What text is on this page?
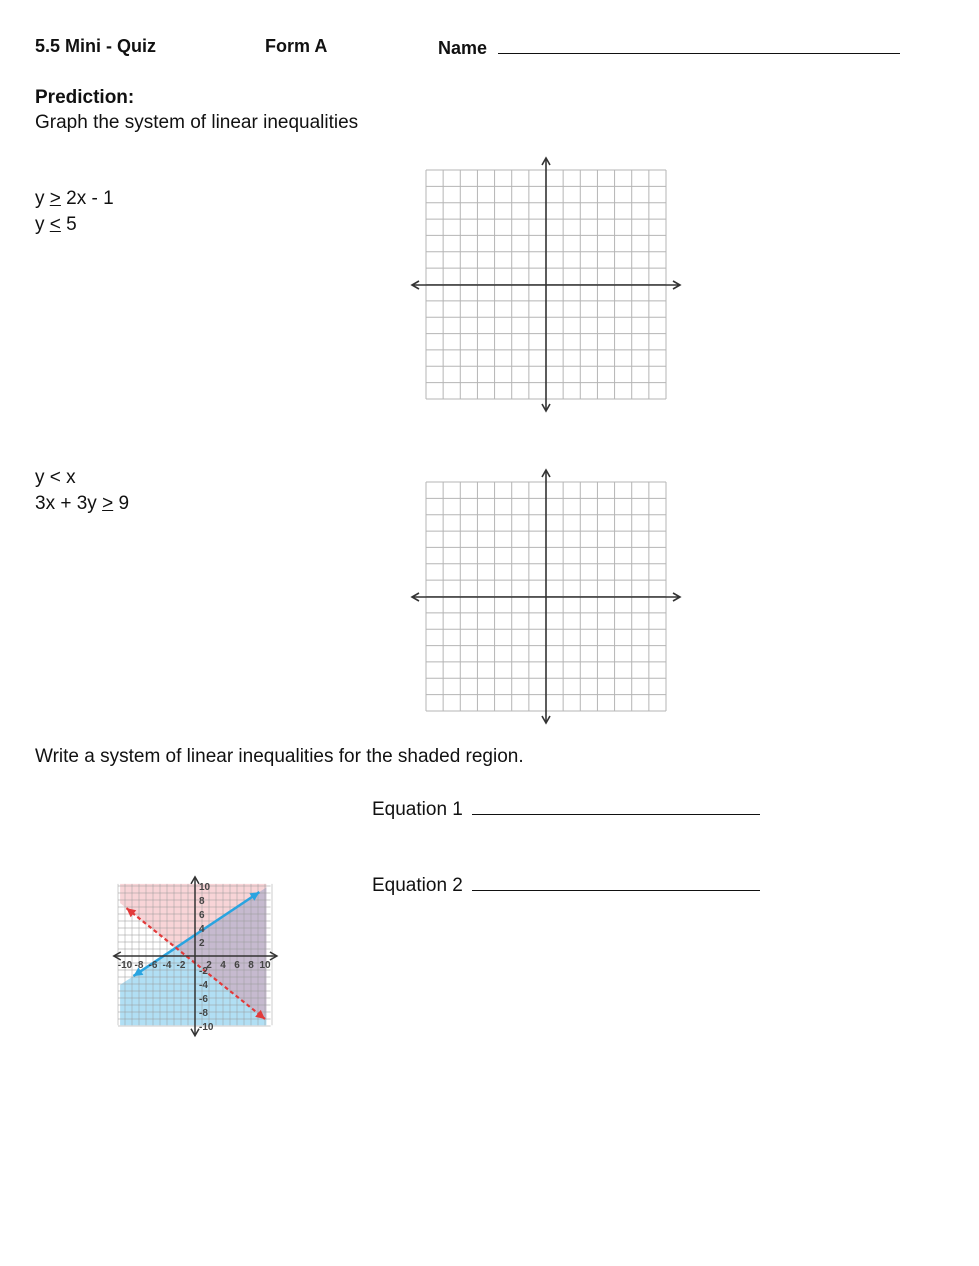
5.5 Mini - Quiz	Form A	Name
Prediction:
Graph the system of linear inequalities
y > 2x - 1
y < 5
y < x
3x + 3y > 9
Write a system of linear inequalities for the shaded region.
Equation 1
Equation 2
-10 -8 -6 -4 -2 2 4 6 8 10
10
8
6
4
2
-2
-4
-6
-8
-10
